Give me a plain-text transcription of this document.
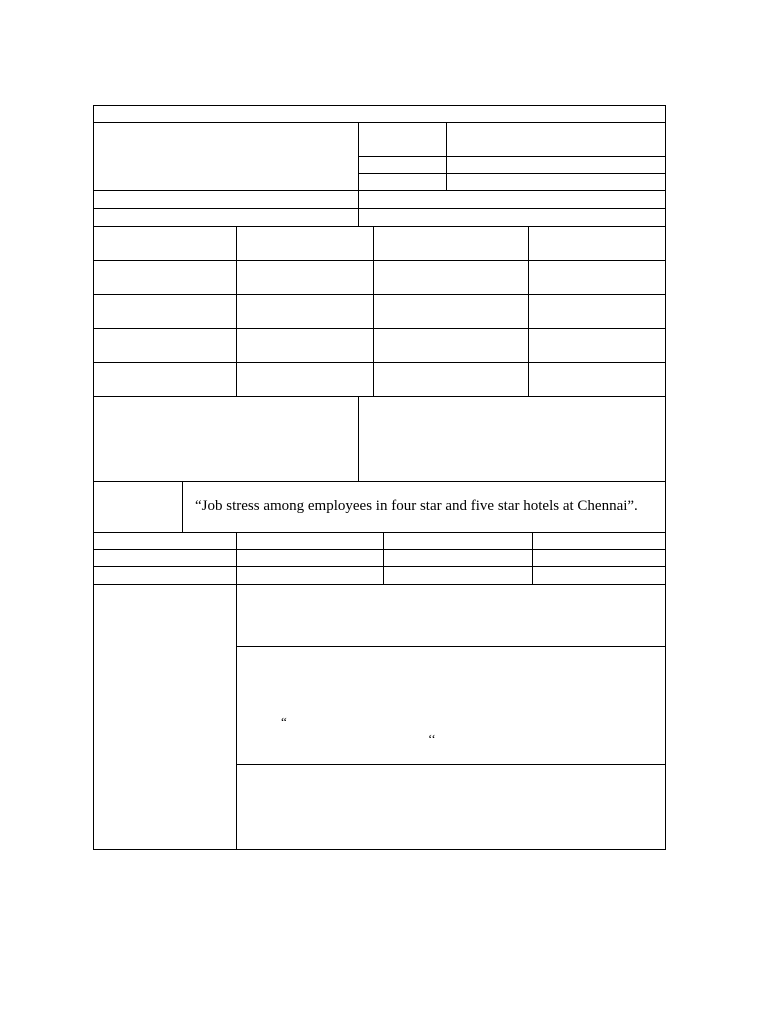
“Job stress among employees in four star and five star hotels at Chennai”.
“
‘‘
